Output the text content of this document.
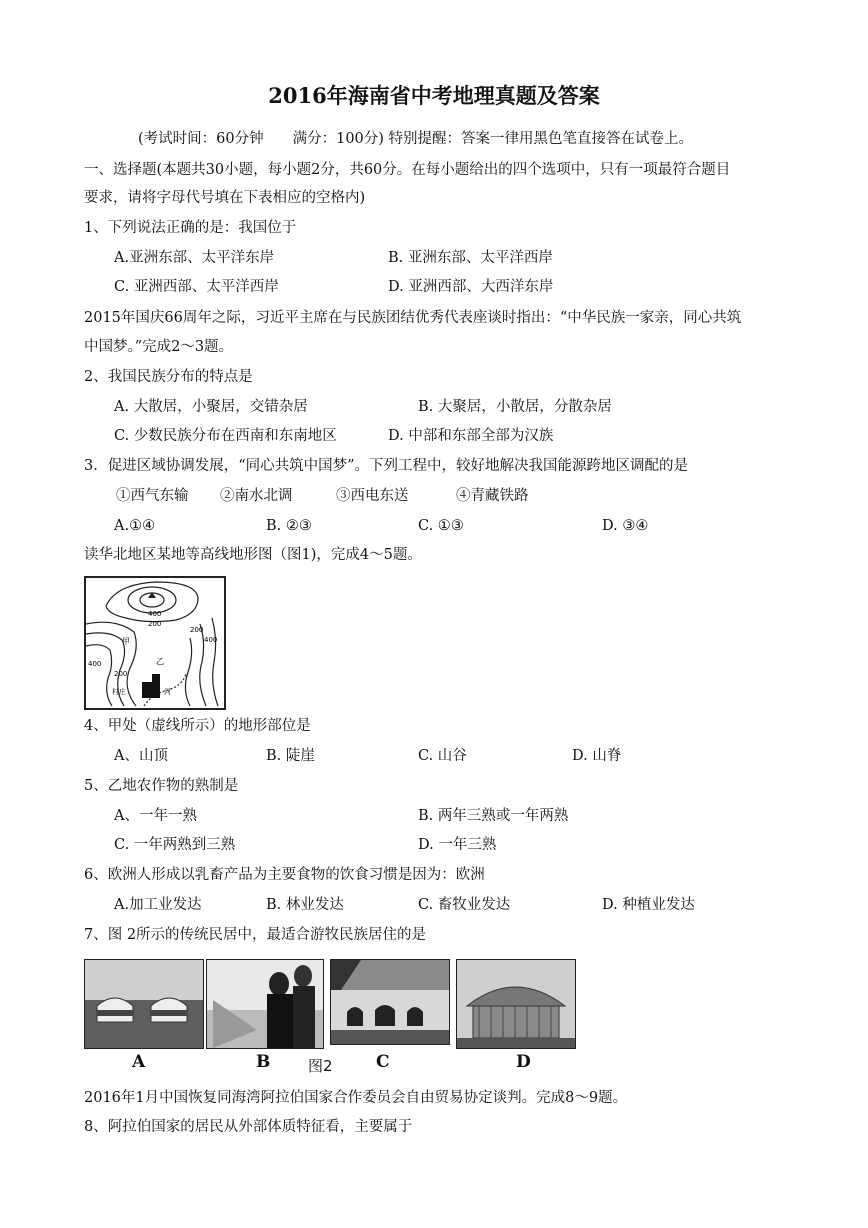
2016年海南省中考地理真题及答案
(考试时间：60分钟　　满分：100分) 特别提醒：答案一律用黑色笔直接答在试卷上。
一、选择题(本题共30小题，每小题2分，共60分。在每小题给出的四个选项中，只有一项最符合题目
要求，请将字母代号填在下表相应的空格内)
1、下列说法正确的是：我国位于
A.亚洲东部、太平洋东岸	B. 亚洲东部、太平洋西岸
C. 亚洲西部、太平洋西岸	D. 亚洲西部、大西洋东岸
2015年国庆66周年之际，习近平主席在与民族团结优秀代表座谈时指出：“中华民族一家亲，同心共筑
中国梦。”完成2～3题。
2、我国民族分布的特点是
A. 大散居，小聚居，交错杂居	B. 大聚居，小散居，分散杂居
C. 少数民族分布在西南和东南地区	D. 中部和东部全部为汉族
3．促进区域协调发展，“同心共筑中国梦”。下列工程中，较好地解决我国能源跨地区调配的是
①西气东输 ②南水北调	③西电东送	④青藏铁路
A.①④	B. ②③	C. ①③	D. ③④
读华北地区某地等高线地形图（图1)，完成4～5题。
400
200
400
400
200
200
乙
甲
村庄	河
4、甲处（虚线所示）的地形部位是
A、山顶	B. 陡崖	C. 山谷	D. 山脊
5、乙地农作物的熟制是
A、一年一熟	B. 两年三熟或一年两熟
C. 一年两熟到三熟	D. 一年三熟
6、欧洲人形成以乳畜产品为主要食物的饮食习惯是因为：欧洲
A.加工业发达	B. 林业发达	C. 畜牧业发达	D. 种植业发达
7、图 2所示的传统民居中，最适合游牧民族居住的是
A	B	图2	C	D
2016年1月中国恢复同海湾阿拉伯国家合作委员会自由贸易协定谈判。完成8～9题。
8、阿拉伯国家的居民从外部体质特征看，主要属于
